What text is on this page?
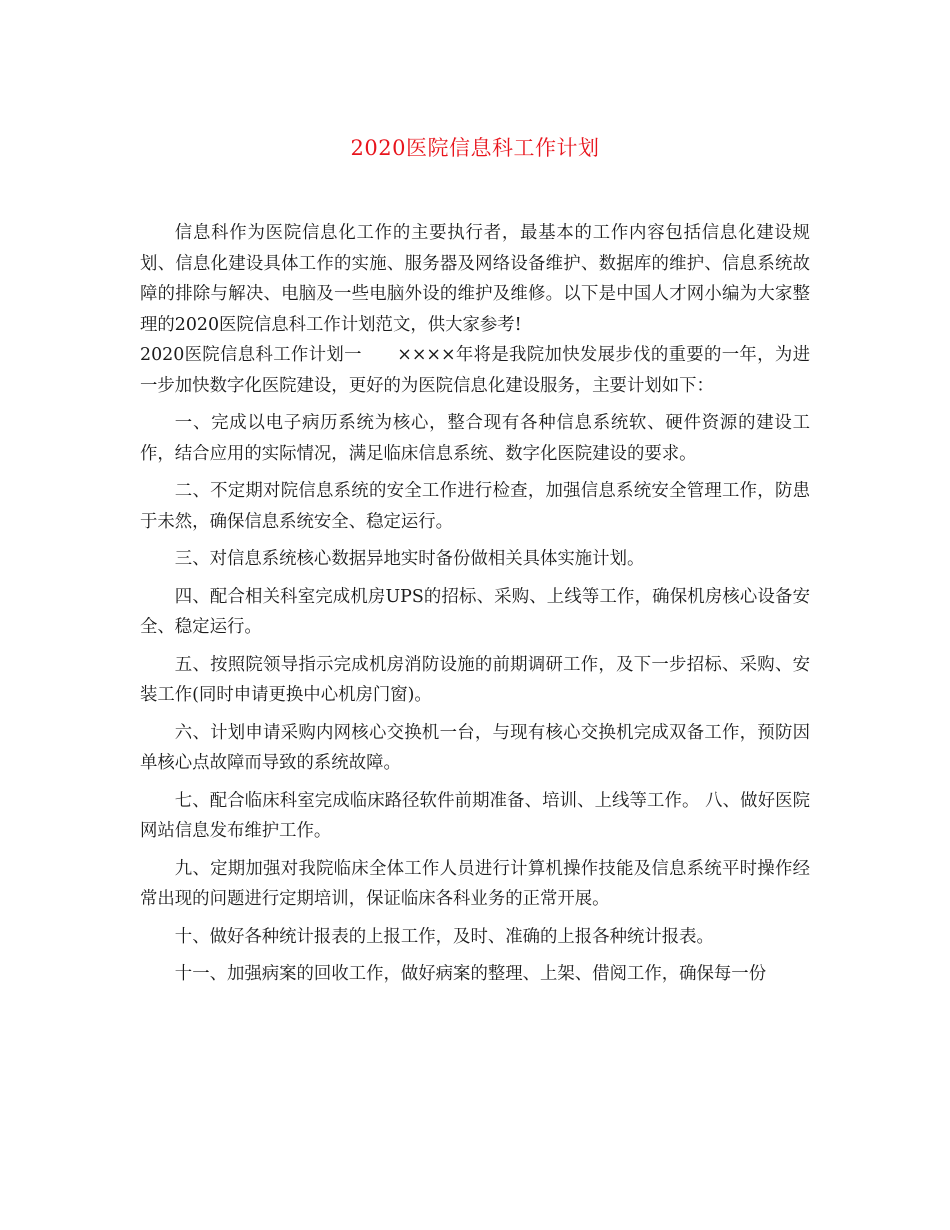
2020医院信息科工作计划

信息科作为医院信息化工作的主要执行者，最基本的工作内容包括信息化建设规划、信息化建设具体工作的实施、服务器及网络设备维护、数据库的维护、信息系统故障的排除与解决、电脑及一些电脑外设的维护及维修。以下是中国人才网小编为大家整理的2020医院信息科工作计划范文，供大家参考!

2020医院信息科工作计划一　　××××年将是我院加快发展步伐的重要的一年，为进一步加快数字化医院建设，更好的为医院信息化建设服务，主要计划如下：

一、完成以电子病历系统为核心，整合现有各种信息系统软、硬件资源的建设工作，结合应用的实际情况，满足临床信息系统、数字化医院建设的要求。

二、不定期对院信息系统的安全工作进行检查，加强信息系统安全管理工作，防患于未然，确保信息系统安全、稳定运行。

三、对信息系统核心数据异地实时备份做相关具体实施计划。

四、配合相关科室完成机房UPS的招标、采购、上线等工作，确保机房核心设备安全、稳定运行。

五、按照院领导指示完成机房消防设施的前期调研工作，及下一步招标、采购、安装工作(同时申请更换中心机房门窗)。

六、计划申请采购内网核心交换机一台，与现有核心交换机完成双备工作，预防因单核心点故障而导致的系统故障。

七、配合临床科室完成临床路径软件前期准备、培训、上线等工作。 八、做好医院网站信息发布维护工作。

九、定期加强对我院临床全体工作人员进行计算机操作技能及信息系统平时操作经常出现的问题进行定期培训，保证临床各科业务的正常开展。

十、做好各种统计报表的上报工作，及时、准确的上报各种统计报表。

十一、加强病案的回收工作，做好病案的整理、上架、借阅工作，确保每一份
